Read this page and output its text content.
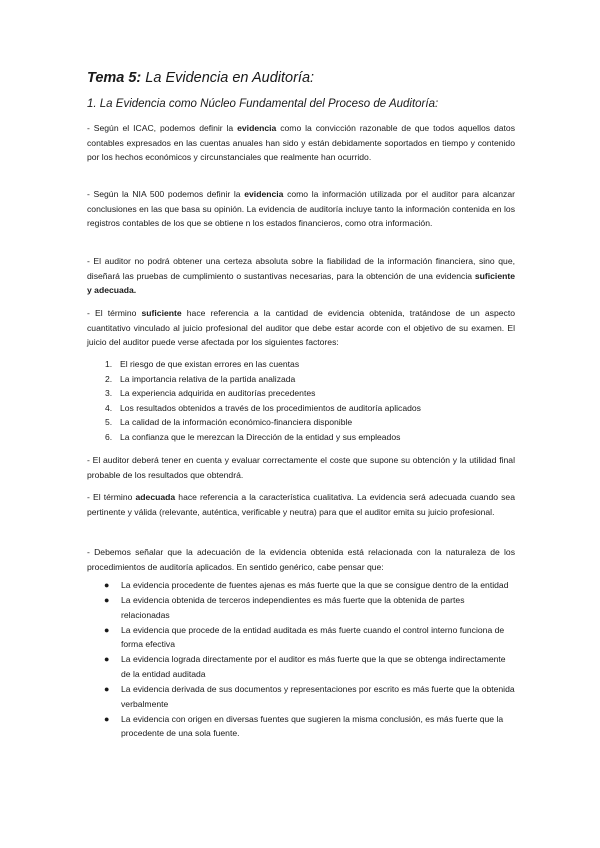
Tema 5: La Evidencia en Auditoría:
1. La Evidencia como Núcleo Fundamental del Proceso de Auditoría:

- Según el ICAC, podemos definir la evidencia como la convicción razonable de que todos aquellos datos contables expresados en las cuentas anuales han sido y están debidamente soportados en tiempo y contenido por los hechos económicos y circunstanciales que realmente han ocurrido.

- Según la NIA 500 podemos definir la evidencia como la información utilizada por el auditor para alcanzar conclusiones en las que basa su opinión. La evidencia de auditoría incluye tanto la información contenida en los registros contables de los que se obtiene n los estados financieros, como otra información.

- El auditor no podrá obtener una certeza absoluta sobre la fiabilidad de la información financiera, sino que, diseñará las pruebas de cumplimiento o sustantivas necesarias, para la obtención de una evidencia suficiente y adecuada.

- El término suficiente hace referencia a la cantidad de evidencia obtenida, tratándose de un aspecto cuantitativo vinculado al juicio profesional del auditor que debe estar acorde con el objetivo de su examen. El juicio del auditor puede verse afectada por los siguientes factores:

1. El riesgo de que existan errores en las cuentas
2. La importancia relativa de la partida analizada
3. La experiencia adquirida en auditorías precedentes
4. Los resultados obtenidos a través de los procedimientos de auditoría aplicados
5. La calidad de la información económico-financiera disponible
6. La confianza que le merezcan la Dirección de la entidad y sus empleados

- El auditor deberá tener en cuenta y evaluar correctamente el coste que supone su obtención y la utilidad final probable de los resultados que obtendrá.

- El término adecuada hace referencia a la característica cualitativa. La evidencia será adecuada cuando sea pertinente y válida (relevante, auténtica, verificable y neutra) para que el auditor emita su juicio profesional.

- Debemos señalar que la adecuación de la evidencia obtenida está relacionada con la naturaleza de los procedimientos de auditoría aplicados. En sentido genérico, cabe pensar que:

● La evidencia procedente de fuentes ajenas es más fuerte que la que se consigue dentro de la entidad
● La evidencia obtenida de terceros independientes es más fuerte que la obtenida de partes relacionadas
● La evidencia que procede de la entidad auditada es más fuerte cuando el control interno funciona de forma efectiva
● La evidencia lograda directamente por el auditor es más fuerte que la que se obtenga indirectamente de la entidad auditada
● La evidencia derivada de sus documentos y representaciones por escrito es más fuerte que la obtenida verbalmente
● La evidencia con origen en diversas fuentes que sugieren la misma conclusión, es más fuerte que la procedente de una sola fuente.
